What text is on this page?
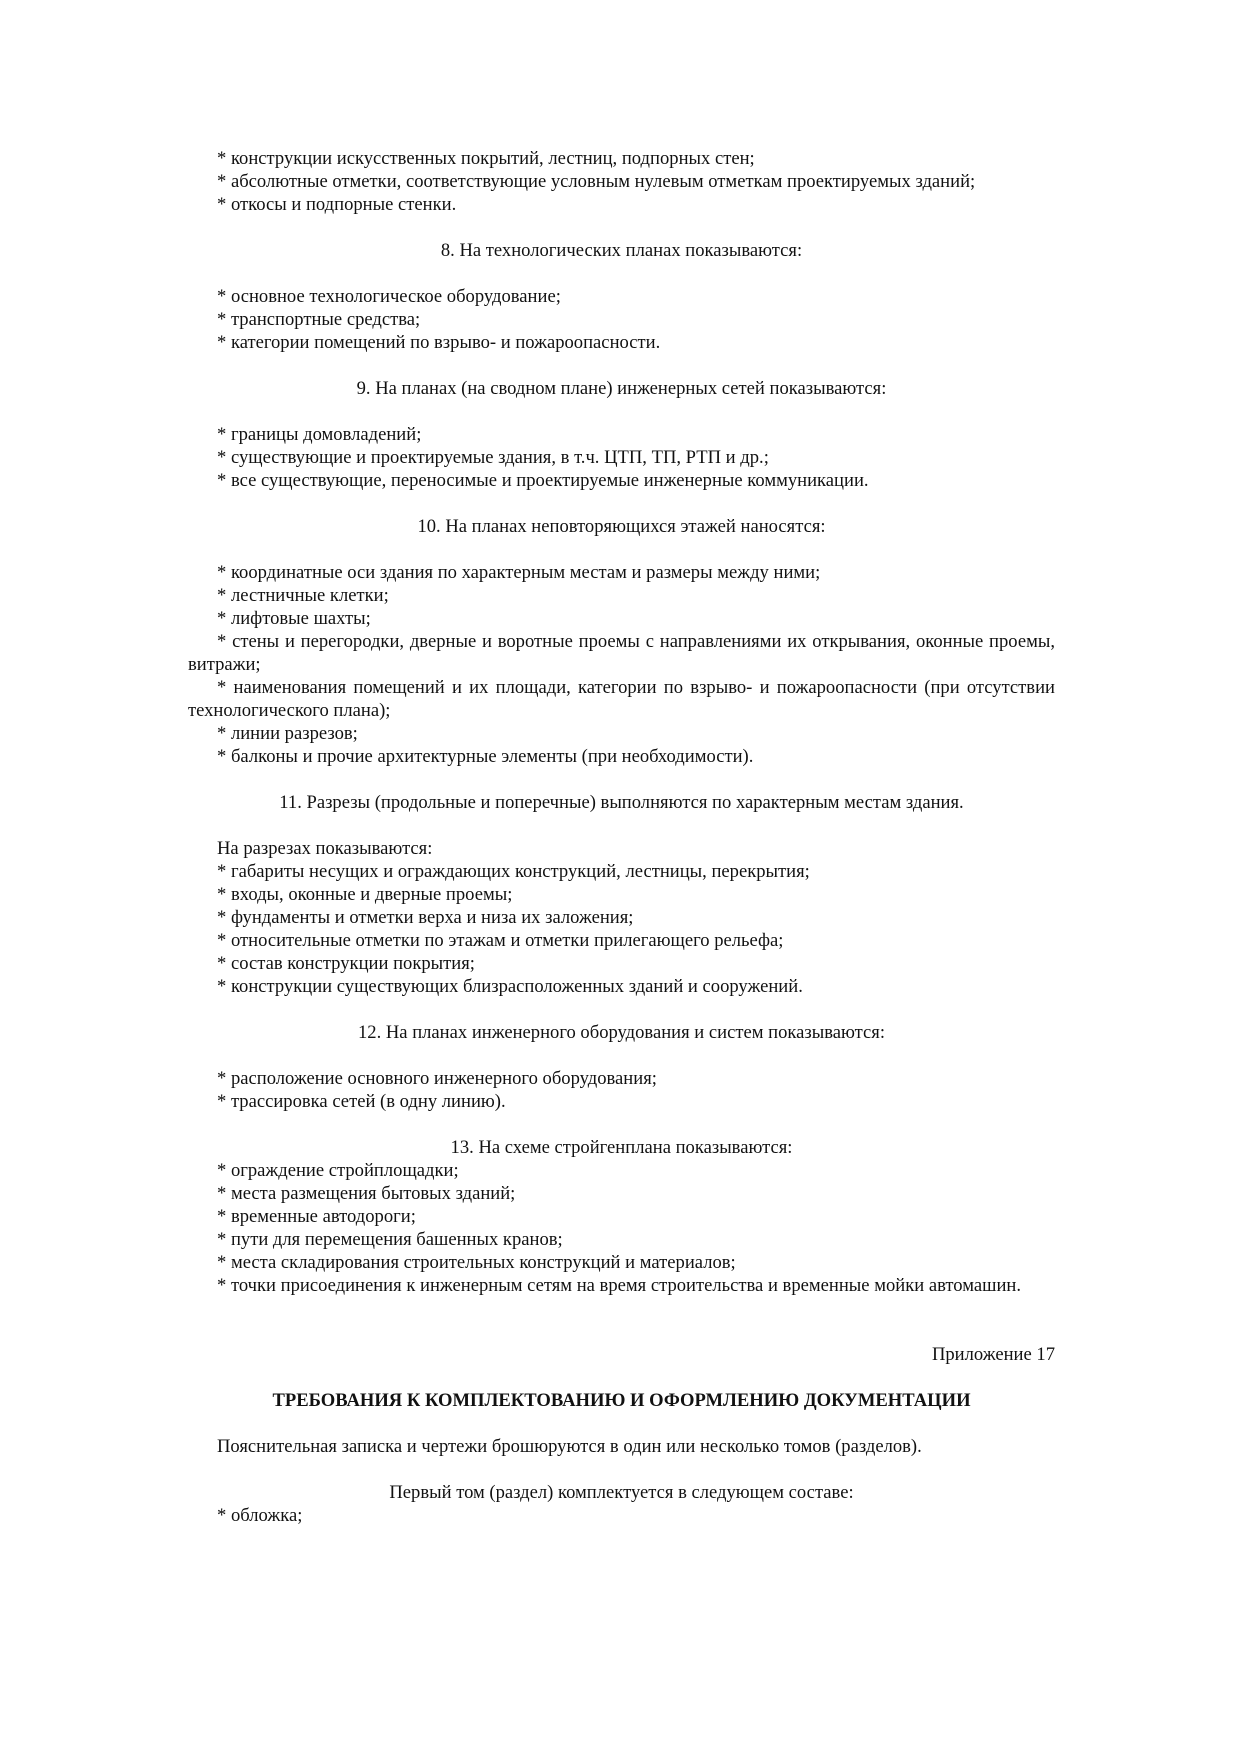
* конструкции искусственных покрытий, лестниц, подпорных стен;

* абсолютные отметки, соответствующие условным нулевым отметкам проектируемых зданий;

* откосы и подпорные стенки.

8. На технологических планах показываются:

* основное технологическое оборудование;

* транспортные средства;

* категории помещений по взрыво- и пожароопасности.

9. На планах (на сводном плане) инженерных сетей показываются:

* границы домовладений;

* существующие и проектируемые здания, в т.ч. ЦТП, ТП, РТП и др.;

* все существующие, переносимые и проектируемые инженерные коммуникации.

10. На планах неповторяющихся этажей наносятся:

* координатные оси здания по характерным местам и размеры между ними;

* лестничные клетки;

* лифтовые шахты;

* стены и перегородки, дверные и воротные проемы с направлениями их открывания, оконные проемы, витражи;

* наименования помещений и их площади, категории по взрыво- и пожароопасности (при отсутствии технологического плана);

* линии разрезов;

* балконы и прочие архитектурные элементы (при необходимости).

11. Разрезы (продольные и поперечные) выполняются по характерным местам здания.

На разрезах показываются:

* габариты несущих и ограждающих конструкций, лестницы, перекрытия;

* входы, оконные и дверные проемы;

* фундаменты и отметки верха и низа их заложения;

* относительные отметки по этажам и отметки прилегающего рельефа;

* состав конструкции покрытия;

* конструкции существующих близрасположенных зданий и сооружений.

12. На планах инженерного оборудования и систем показываются:

* расположение основного инженерного оборудования;

* трассировка сетей (в одну линию).

13. На схеме стройгенплана показываются:

* ограждение стройплощадки;

* места размещения бытовых зданий;

* временные автодороги;

* пути для перемещения башенных кранов;

* места складирования строительных конструкций и материалов;

* точки присоединения к инженерным сетям на время строительства и временные мойки автомашин.

Приложение 17

ТРЕБОВАНИЯ К КОМПЛЕКТОВАНИЮ И ОФОРМЛЕНИЮ ДОКУМЕНТАЦИИ

Пояснительная записка и чертежи брошюруются в один или несколько томов (разделов).

Первый том (раздел) комплектуется в следующем составе:

* обложка;
